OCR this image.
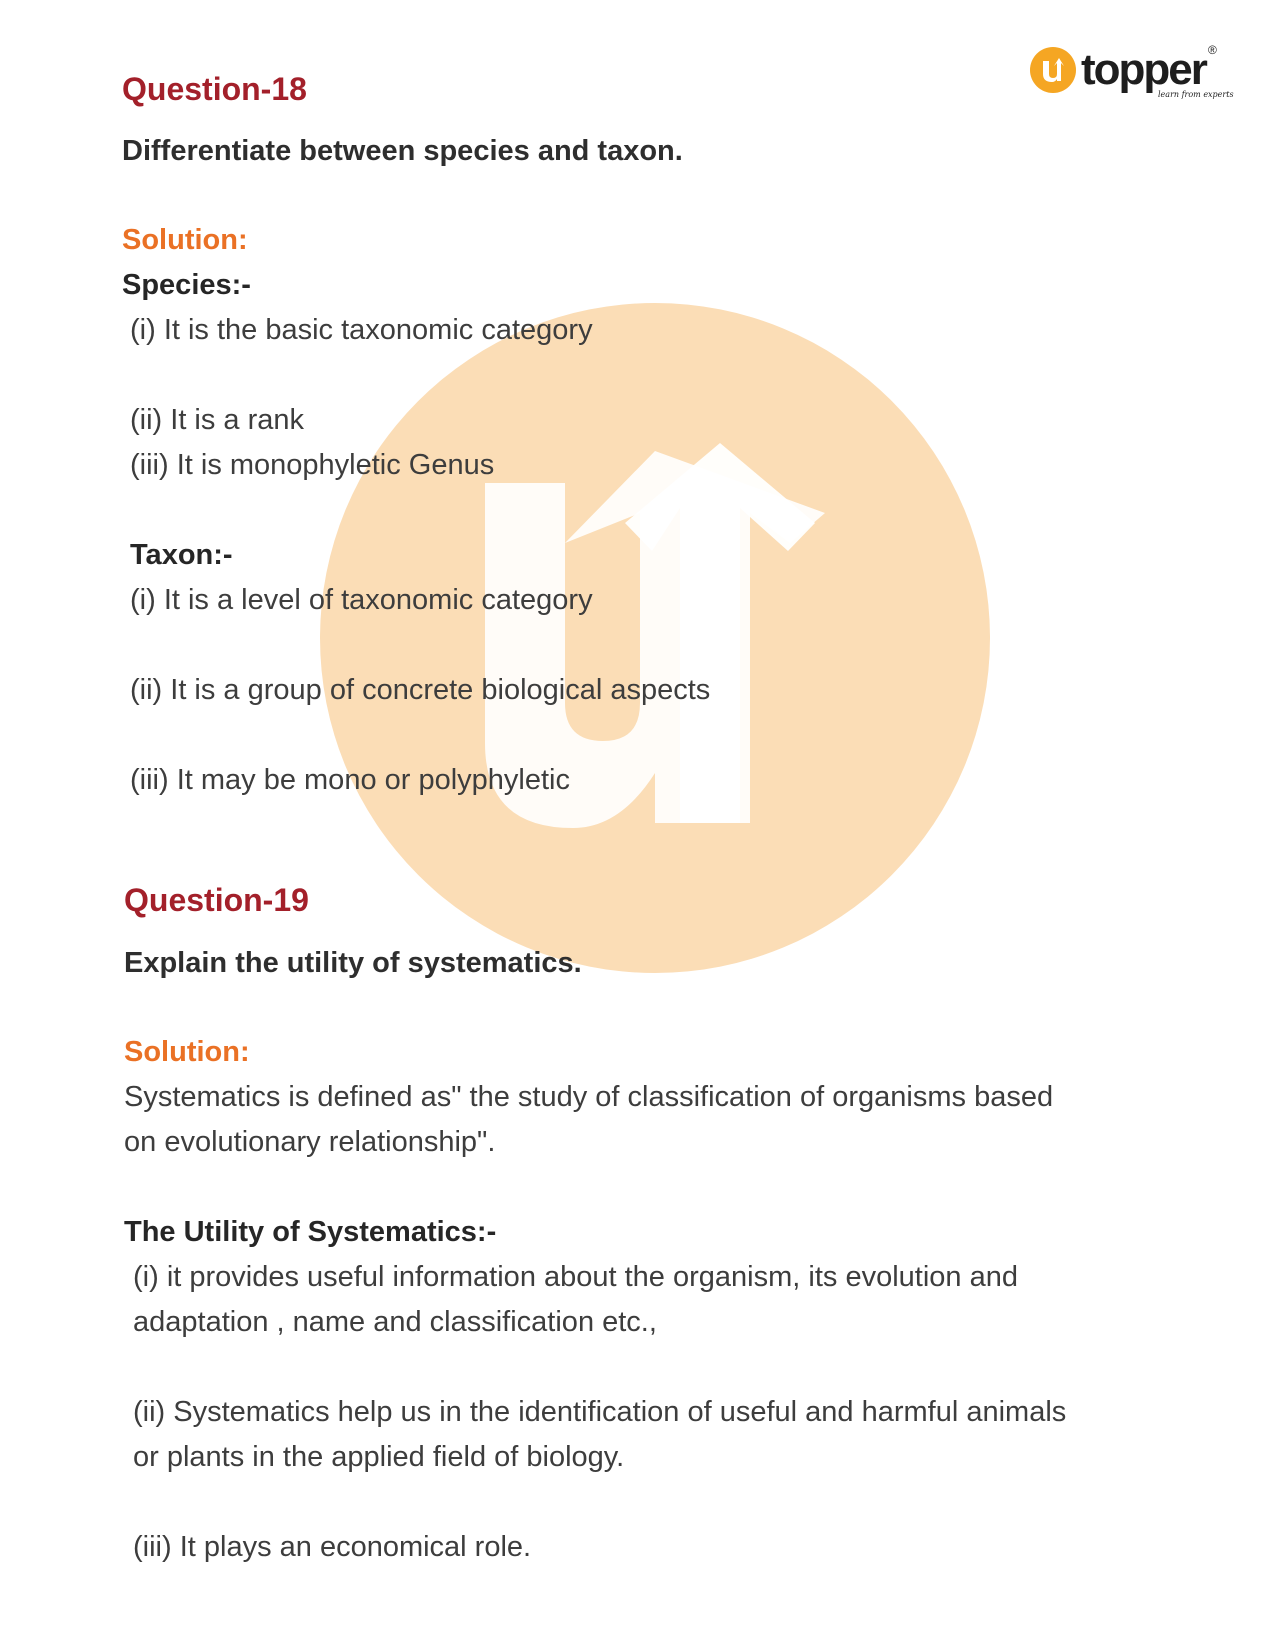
topper ®
learn from experts
Question-18
Differentiate between species and taxon.
Solution:
Species:-
(i) It is the basic taxonomic category
(ii) It is a rank
(iii) It is monophyletic Genus
Taxon:-
(i) It is a level of taxonomic category
(ii) It is a group of concrete biological aspects
(iii) It may be mono or polyphyletic
Question-19
Explain the utility of systematics.
Solution:
Systematics is defined as" the study of classification of organisms based
on evolutionary relationship".
The Utility of Systematics:-
(i) it provides useful information about the organism, its evolution and
adaptation , name and classification etc.,
(ii) Systematics help us in the identification of useful and harmful animals
or plants in the applied field of biology.
(iii) It plays an economical role.
